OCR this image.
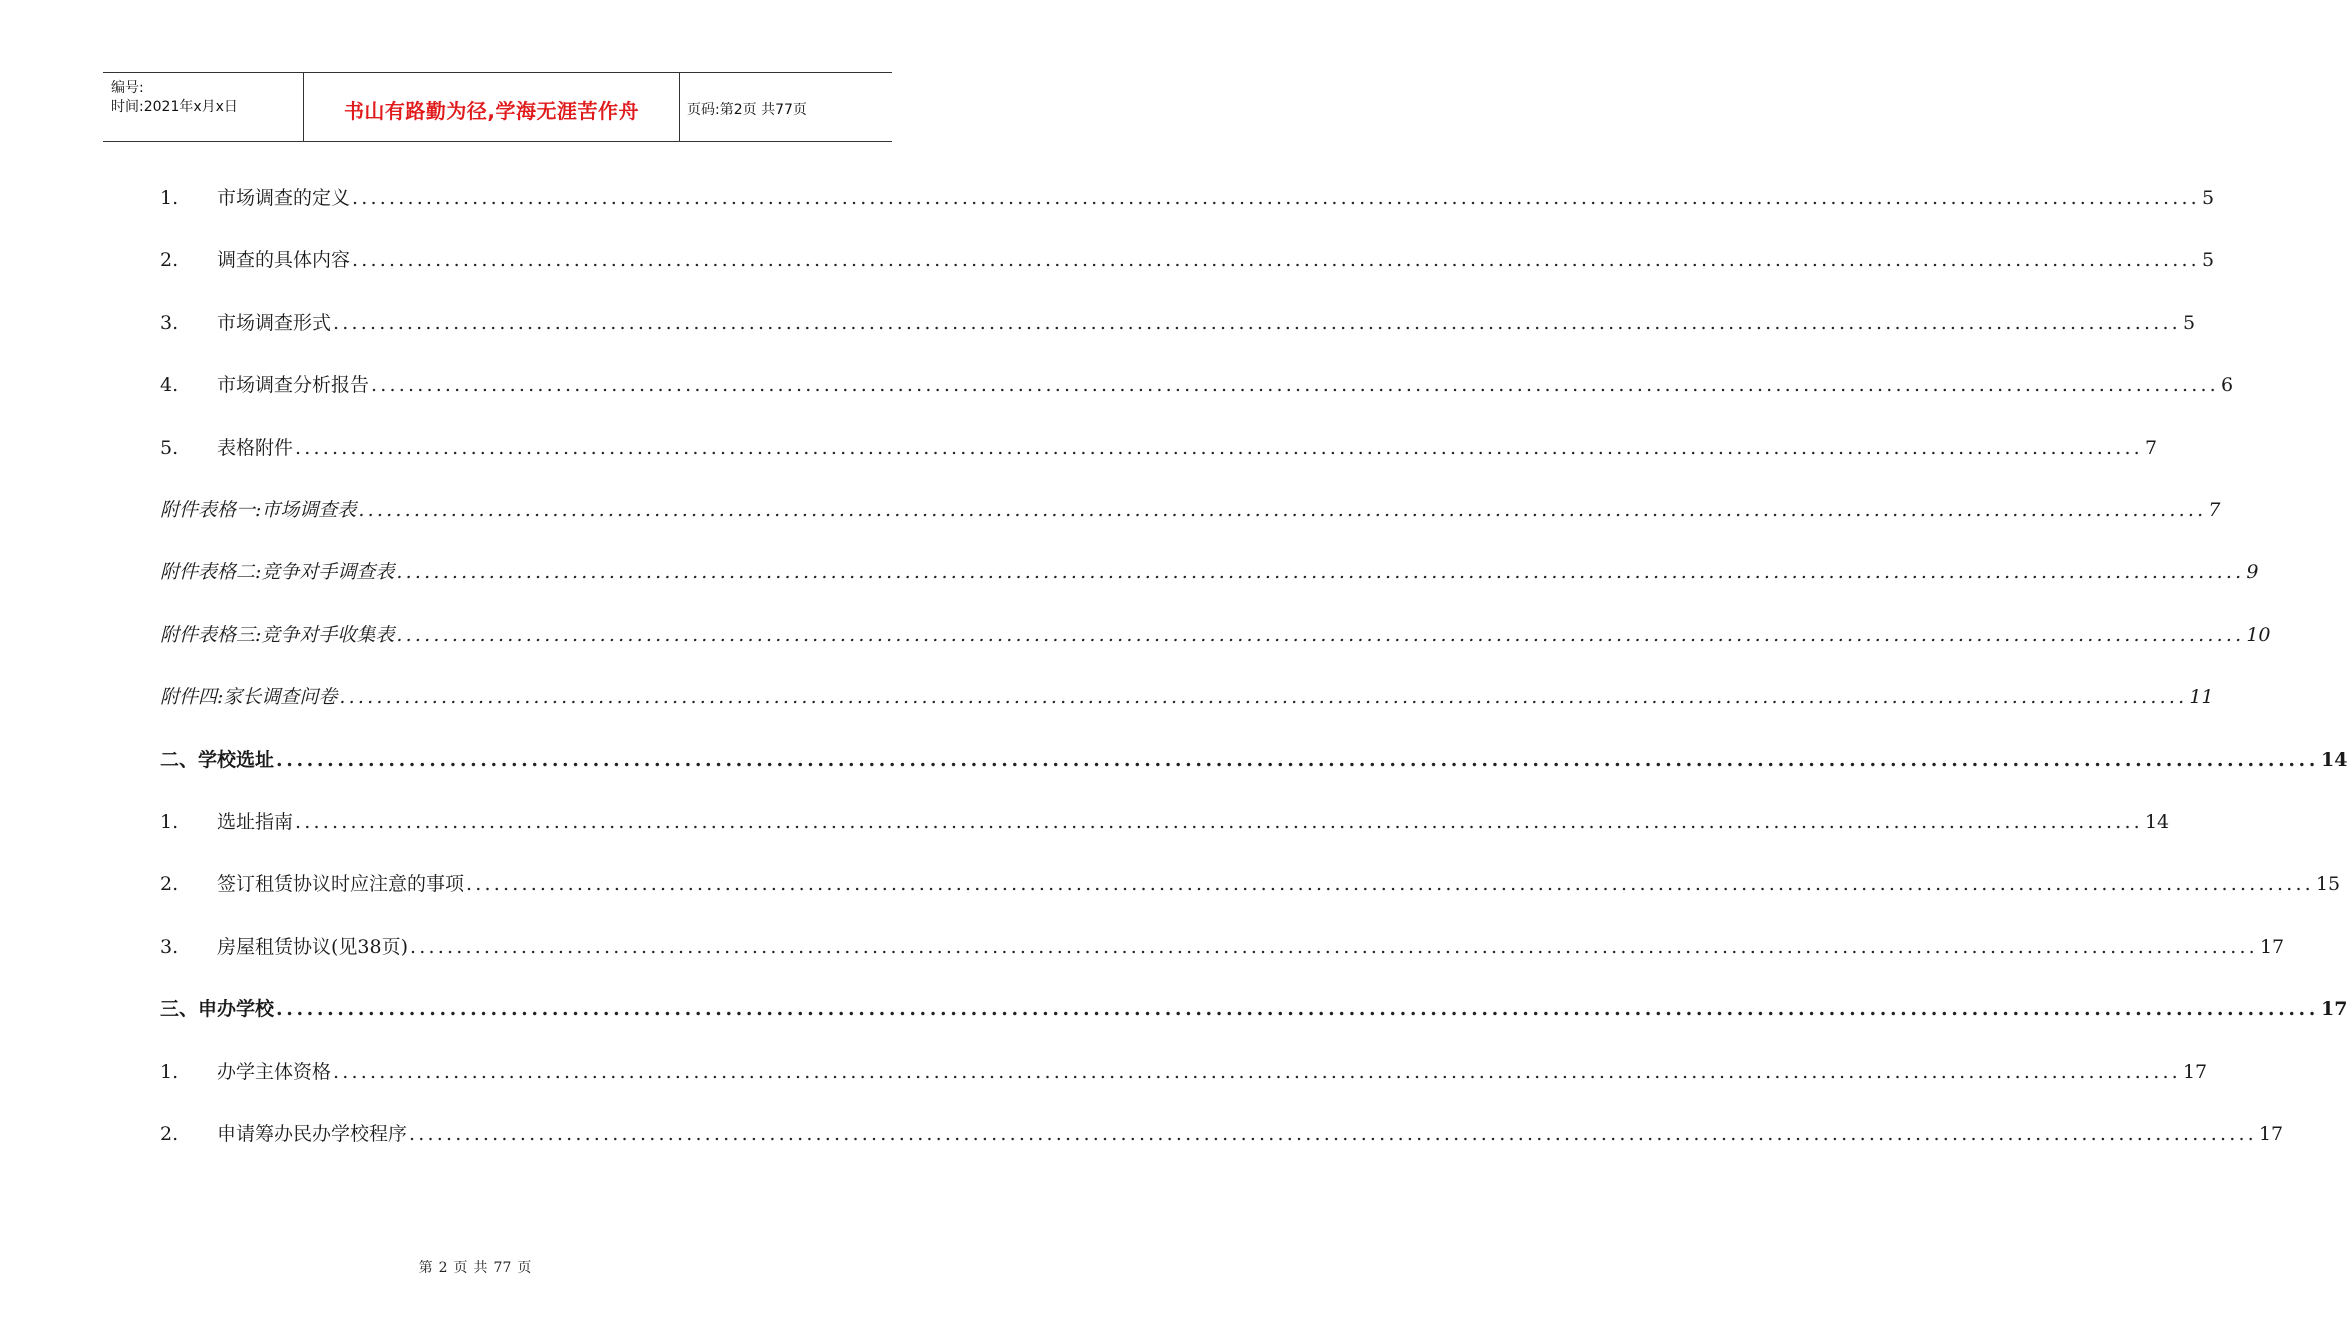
编号:
时间:2021年x月x日	书山有路勤为径,学海无涯苦作舟	页码:第2页 共77页
1.	市场调查的定义 ........................................................................................................................................................................................................ 5
2.	调查的具体内容 ........................................................................................................................................................................................................ 5
3.	市场调查形式 ........................................................................................................................................................................................................ 5
4.	市场调查分析报告 ........................................................................................................................................................................................................ 6
5.	表格附件 ........................................................................................................................................................................................................ 7
附件表格一:市场调查表 ........................................................................................................................................................................................................ 7
附件表格二:竞争对手调查表 ........................................................................................................................................................................................................ 9
附件表格三:竞争对手收集表 ........................................................................................................................................................................................................ 10
附件四:家长调查问卷 ........................................................................................................................................................................................................ 11
二、学校选址 ........................................................................................................................................................................................................ 14
1.	选址指南 ........................................................................................................................................................................................................ 14
2.	签订租赁协议时应注意的事项 ........................................................................................................................................................................................................ 15
3.	房屋租赁协议(见38页) ........................................................................................................................................................................................................ 17
三、申办学校 ........................................................................................................................................................................................................ 17
1.	办学主体资格 ........................................................................................................................................................................................................ 17
2.	申请筹办民办学校程序 ........................................................................................................................................................................................................ 17
第 2 页 共 77 页
